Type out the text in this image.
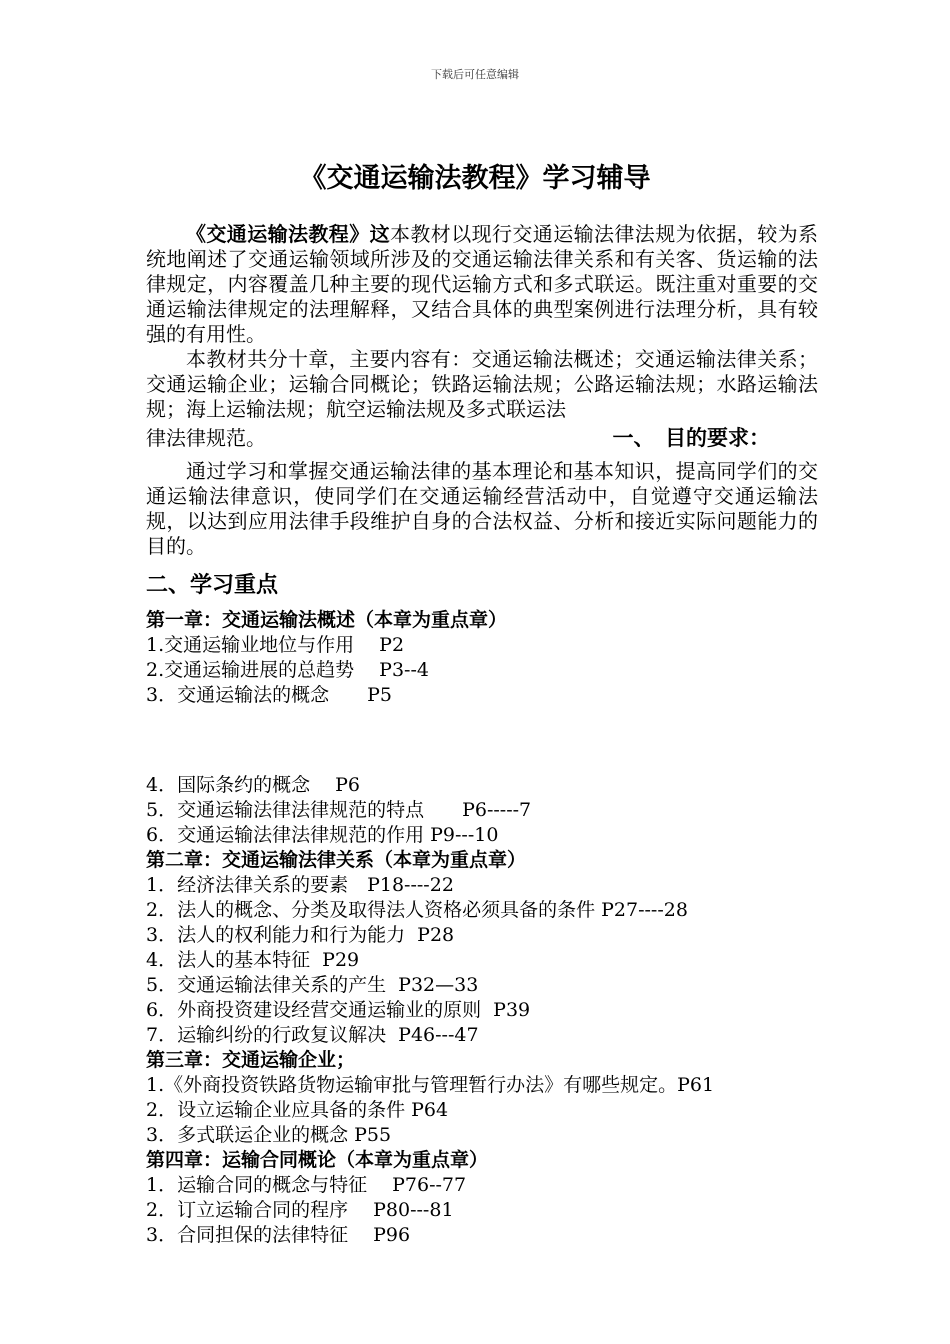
下载后可任意编辑
《交通运输法教程》学习辅导

《交通运输法教程》这本教材以现行交通运输法律法规为依据，较为系统地阐述了交通运输领域所涉及的交通运输法律关系和有关客、货运输的法律规定，内容覆盖几种主要的现代运输方式和多式联运。既注重对重要的交通运输法律规定的法理解释，又结合具体的典型案例进行法理分析，具有较强的有用性。

本教材共分十章，主要内容有：交通运输法概述；交通运输法律关系；交通运输企业；运输合同概论；铁路运输法规；公路运输法规；水路运输法规；海上运输法规；航空运输法规及多式联运法

律法律规范。	一、　目的要求：

通过学习和掌握交通运输法律的基本理论和基本知识，提高同学们的交通运输法律意识，使同学们在交通运输经营活动中，自觉遵守交通运输法规，以达到应用法律手段维护自身的合法权益、分析和接近实际问题能力的目的。

二、学习重点

第一章：交通运输法概述（本章为重点章）

1.交通运输业地位与作用　 P2

2.交通运输进展的总趋势　 P3--4

3．交通运输法的概念　　P5

4．国际条约的概念　 P6

5．交通运输法律法律规范的特点　　P6-----7

6．交通运输法律法律规范的作用 P9---10

第二章：交通运输法律关系（本章为重点章）

1．经济法律关系的要素　P18----22

2．法人的概念、分类及取得法人资格必须具备的条件 P27----28

3．法人的权利能力和行为能力  P28

4．法人的基本特征  P29

5．交通运输法律关系的产生  P32—33

6．外商投资建设经营交通运输业的原则  P39

7．运输纠纷的行政复议解决  P46---47

第三章：交通运输企业；

1.《外商投资铁路货物运输审批与管理暂行办法》有哪些规定。P61

2．设立运输企业应具备的条件 P64

3．多式联运企业的概念 P55

第四章：运输合同概论（本章为重点章）

1．运输合同的概念与特征　 P76--77

2．订立运输合同的程序　 P80---81

3．合同担保的法律特征　 P96
